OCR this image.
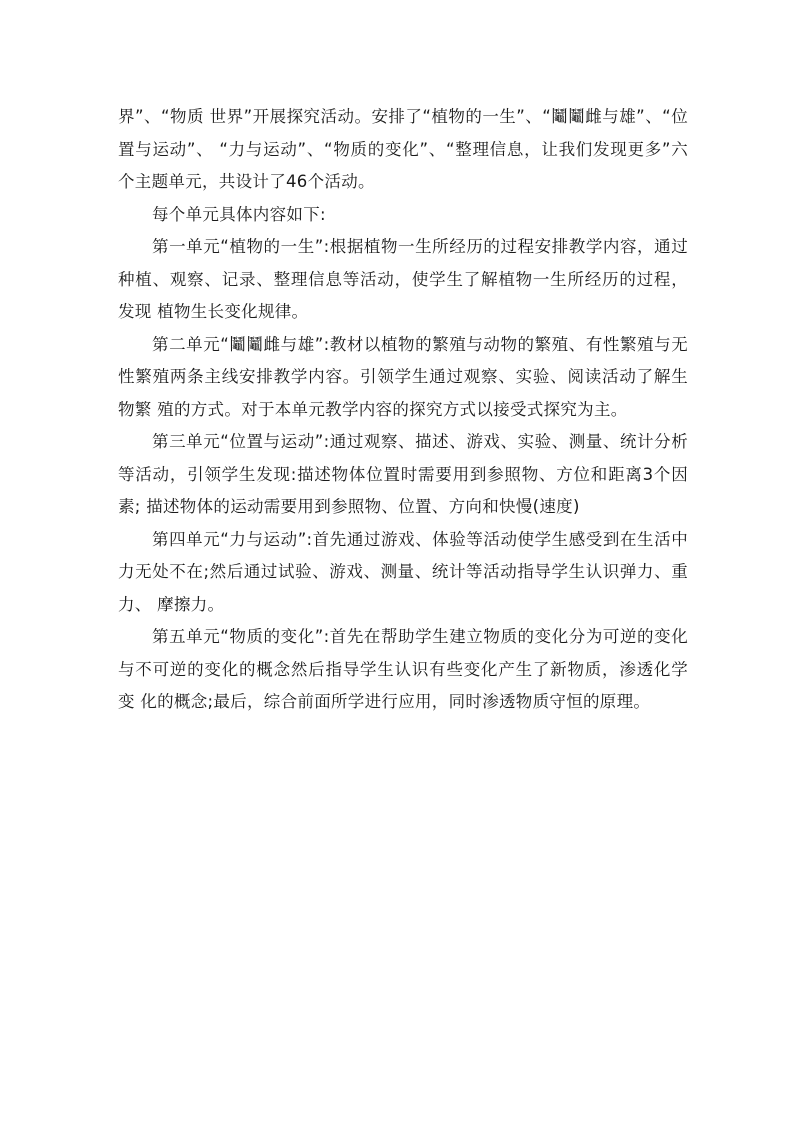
界”、“物质 世界”开展探究活动。安排了“植物的一生”、“鬮鬮雌与雄”、“位置与运动”、 “力与运动”、“物质的变化”、“整理信息，让我们发现更多”六个主题单元，共设计了46个活动。

每个单元具体内容如下:

第一单元“植物的一生”:根据植物一生所经历的过程安排教学内容，通过 种植、观察、记录、整理信息等活动，使学生了解植物一生所经历的过程，发现 植物生长变化规律。

第二单元“鬮鬮雌与雄”:教材以植物的繁殖与动物的繁殖、有性繁殖与无 性繁殖两条主线安排教学内容。引领学生通过观察、实验、阅读活动了解生物繁 殖的方式。对于本单元教学内容的探究方式以接受式探究为主。

第三单元“位置与运动”:通过观察、描述、游戏、实验、测量、统计分析 等活动，引领学生发现:描述物体位置时需要用到参照物、方位和距离3个因素; 描述物体的运动需要用到参照物、位置、方向和快慢(速度)

第四单元“力与运动”:首先通过游戏、体验等活动使学生感受到在生活中 力无处不在;然后通过试验、游戏、测量、统计等活动指导学生认识弹力、重力、 摩擦力。

第五单元“物质的变化”:首先在帮助学生建立物质的变化分为可逆的变化 与不可逆的变化的概念然后指导学生认识有些变化产生了新物质，渗透化学变 化的概念;最后，综合前面所学进行应用，同时渗透物质守恒的原理。
